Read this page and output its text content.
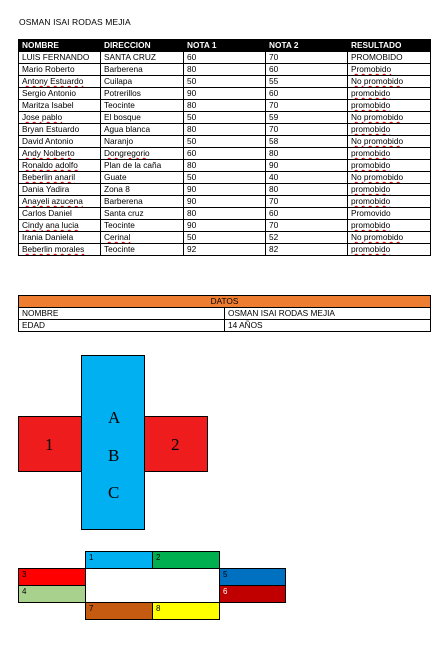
OSMAN ISAI RODAS MEJIA
NOMBRE	DIRECCION	NOTA 1	NOTA 2	RESULTADO
LUIS FERNANDO	SANTA CRUZ	60	70	PROMOBIDO
Mario Roberto	Barberena	80	60	Promobido
Antony Estuardo	Cuilapa	50	55	No promobido
Sergio Antonio	Potrerillos	90	60	promobido
Maritza Isabel	Teocinte	80	70	promobido
Jose pablo	El bosque	50	59	No promobido
Bryan Estuardo	Agua blanca	80	70	promobido
David Antonio	Naranjo	50	58	No promobido
Andy Nolberto	Dongregorio	60	80	promobido
Ronaldo adolfo	Plan de la caña	80	90	promobido
Beberlin anaril	Guate	50	40	No promobido
Dania Yadira	Zona 8	90	80	promobido
Anayeli azucena	Barberena	90	70	promobido
Carlos Daniel	Santa cruz	80	60	Promovido
Cindy ana lucia	Teocinte	90	70	promobido
Irania Daniela	Cerinal	50	52	No promobido
Beberlin morales	Teocinte	92	82	promobido
DATOS	
NOMBRE	OSMAN ISAI RODAS MEJIA
EDAD	14 AÑOS
1	2
A
B
C
1	2
3
4
5
6
7	8
